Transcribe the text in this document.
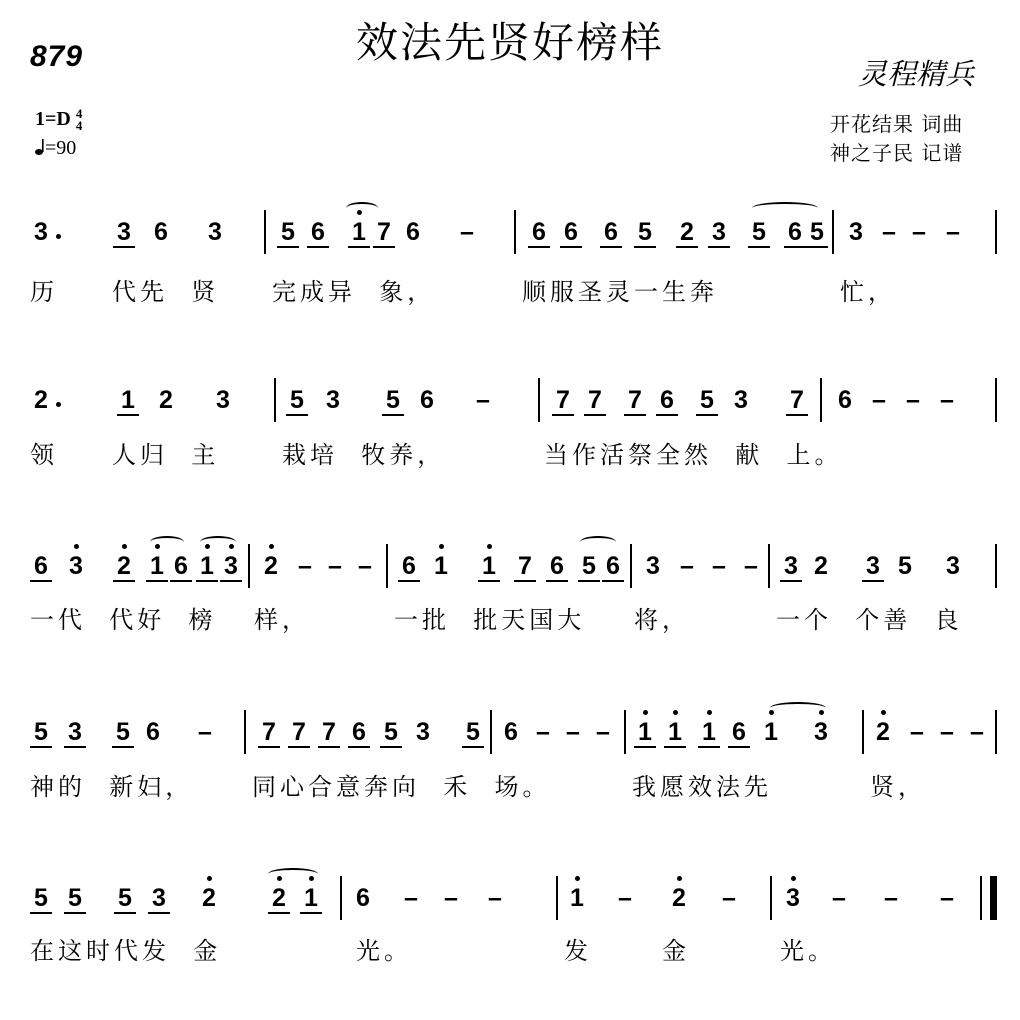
879	效法先贤好榜样
灵程精兵
开花结果 词曲
神之子民 记谱
1=D 4
4
=90
3	3 6 3 5 6 1 7 6 – 6 6 6 5 2 3 5 6 5 3 – – –
历 代先  贤 完成异  象，	顺服圣灵一生奔	忙，
2	1 2 3 5 3 5 6 –	7 7 7 6 5 3 7 6 – – –
领 人归  主	栽培  牧养，	当作活祭全然  献  上。
6 3 2 1 6 1 3 2 – – – 6 1 1 7 6 5 6 3 – – – 3 2 3 5 3
一代  代好  榜 样，	一批  批天国大 将，	一个  个善  良
5 3 5 6 – 7 7 7 6 5 3 5 6 – – – 1 1 1 6 1 3 2 – – –
神的  新妇， 同心合意奔向  禾  场。	我愿效法先	贤，
5 5 5 3 2 2 1 6 – – –	1 – 2 – 3 – – –
在这时代发  金	光。	发	金	光。
